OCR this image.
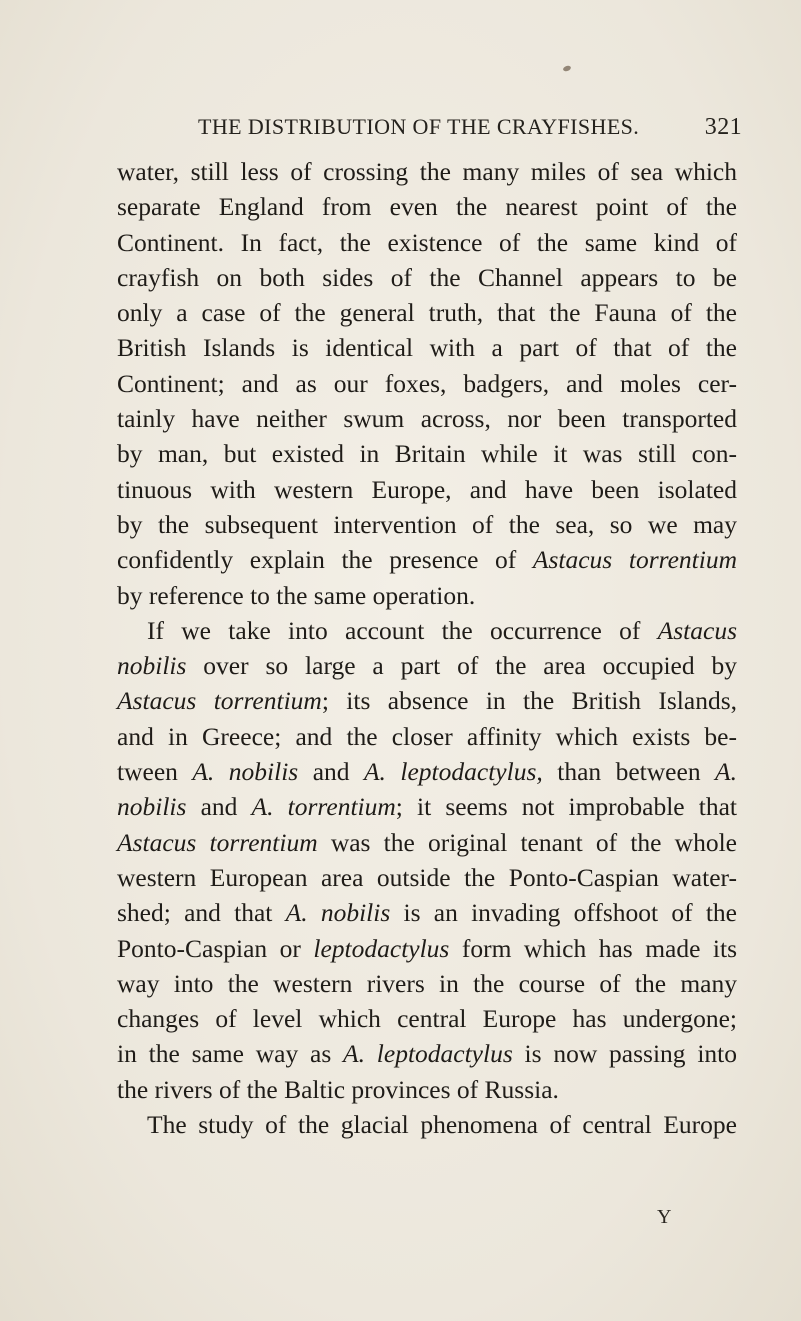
THE DISTRIBUTION OF THE CRAYFISHES.	321
water, still less of crossing the many miles of sea which
separate England from even the nearest point of the
Continent. In fact, the existence of the same kind of
crayfish on both sides of the Channel appears to be
only a case of the general truth, that the Fauna of the
British Islands is identical with a part of that of the
Continent; and as our foxes, badgers, and moles cer-
tainly have neither swum across, nor been transported
by man, but existed in Britain while it was still con-
tinuous with western Europe, and have been isolated
by the subsequent intervention of the sea, so we may
confidently explain the presence of Astacus torrentium
by reference to the same operation.
If we take into account the occurrence of Astacus
nobilis over so large a part of the area occupied by
Astacus torrentium; its absence in the British Islands,
and in Greece; and the closer affinity which exists be-
tween A. nobilis and A. leptodactylus, than between A.
nobilis and A. torrentium; it seems not improbable that
Astacus torrentium was the original tenant of the whole
western European area outside the Ponto-Caspian water-
shed; and that A. nobilis is an invading offshoot of the
Ponto-Caspian or leptodactylus form which has made its
way into the western rivers in the course of the many
changes of level which central Europe has undergone;
in the same way as A. leptodactylus is now passing into
the rivers of the Baltic provinces of Russia.
The study of the glacial phenomena of central Europe
Y
